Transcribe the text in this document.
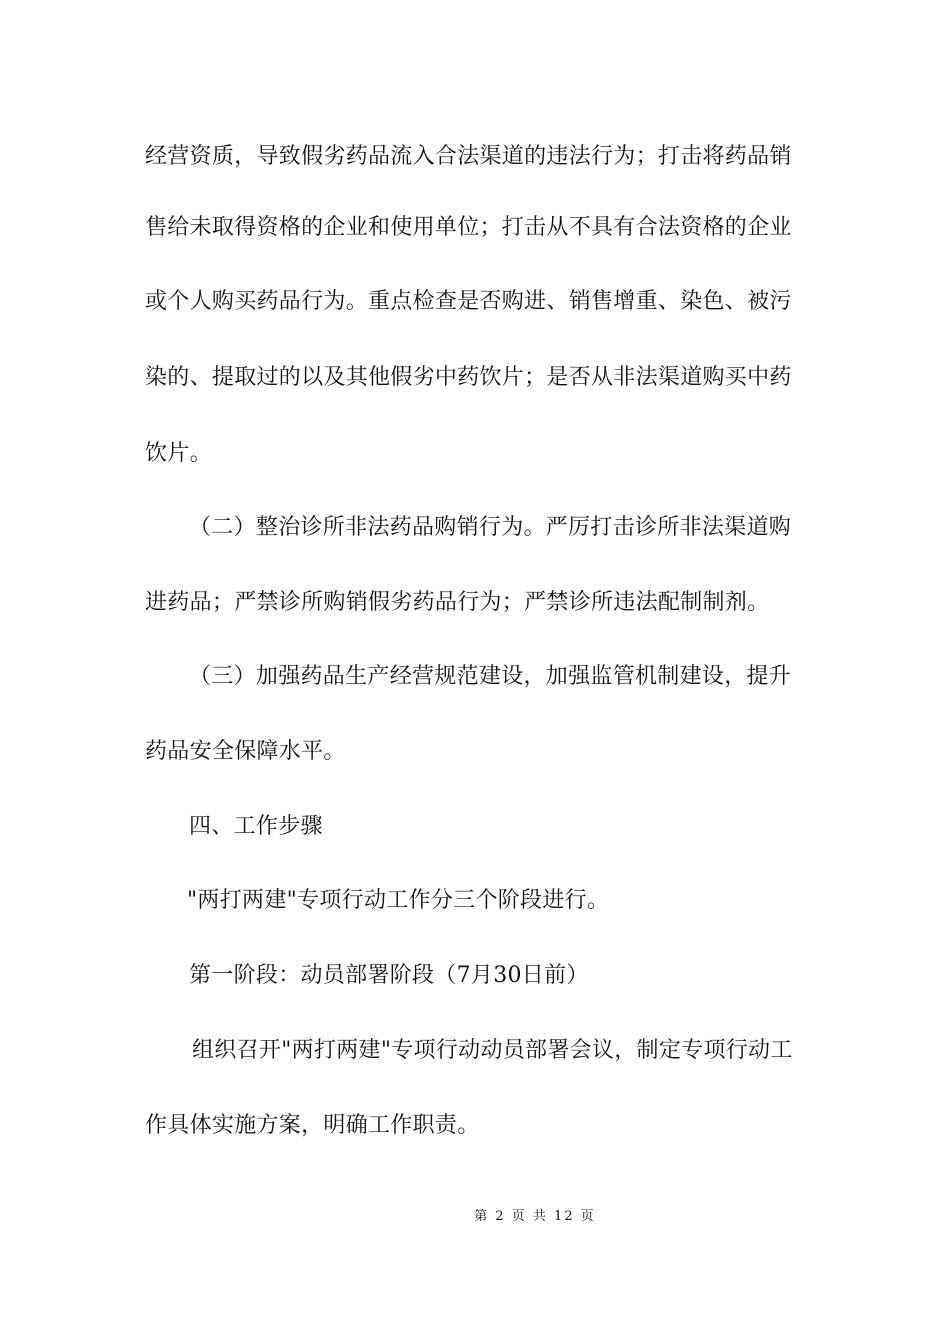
经营资质，导致假劣药品流入合法渠道的违法行为；打击将药品销
售给未取得资格的企业和使用单位；打击从不具有合法资格的企业
或个人购买药品行为。重点检查是否购进、销售增重、染色、被污
染的、提取过的以及其他假劣中药饮片；是否从非法渠道购买中药
饮片。
（二）整治诊所非法药品购销行为。严厉打击诊所非法渠道购
进药品；严禁诊所购销假劣药品行为；严禁诊所违法配制制剂。
（三）加强药品生产经营规范建设，加强监管机制建设，提升
药品安全保障水平。
四、工作步骤
"两打两建"专项行动工作分三个阶段进行。
第一阶段：动员部署阶段（7月30日前）
组织召开"两打两建"专项行动动员部署会议，制定专项行动工
作具体实施方案，明确工作职责。
第 2 页 共 12 页
